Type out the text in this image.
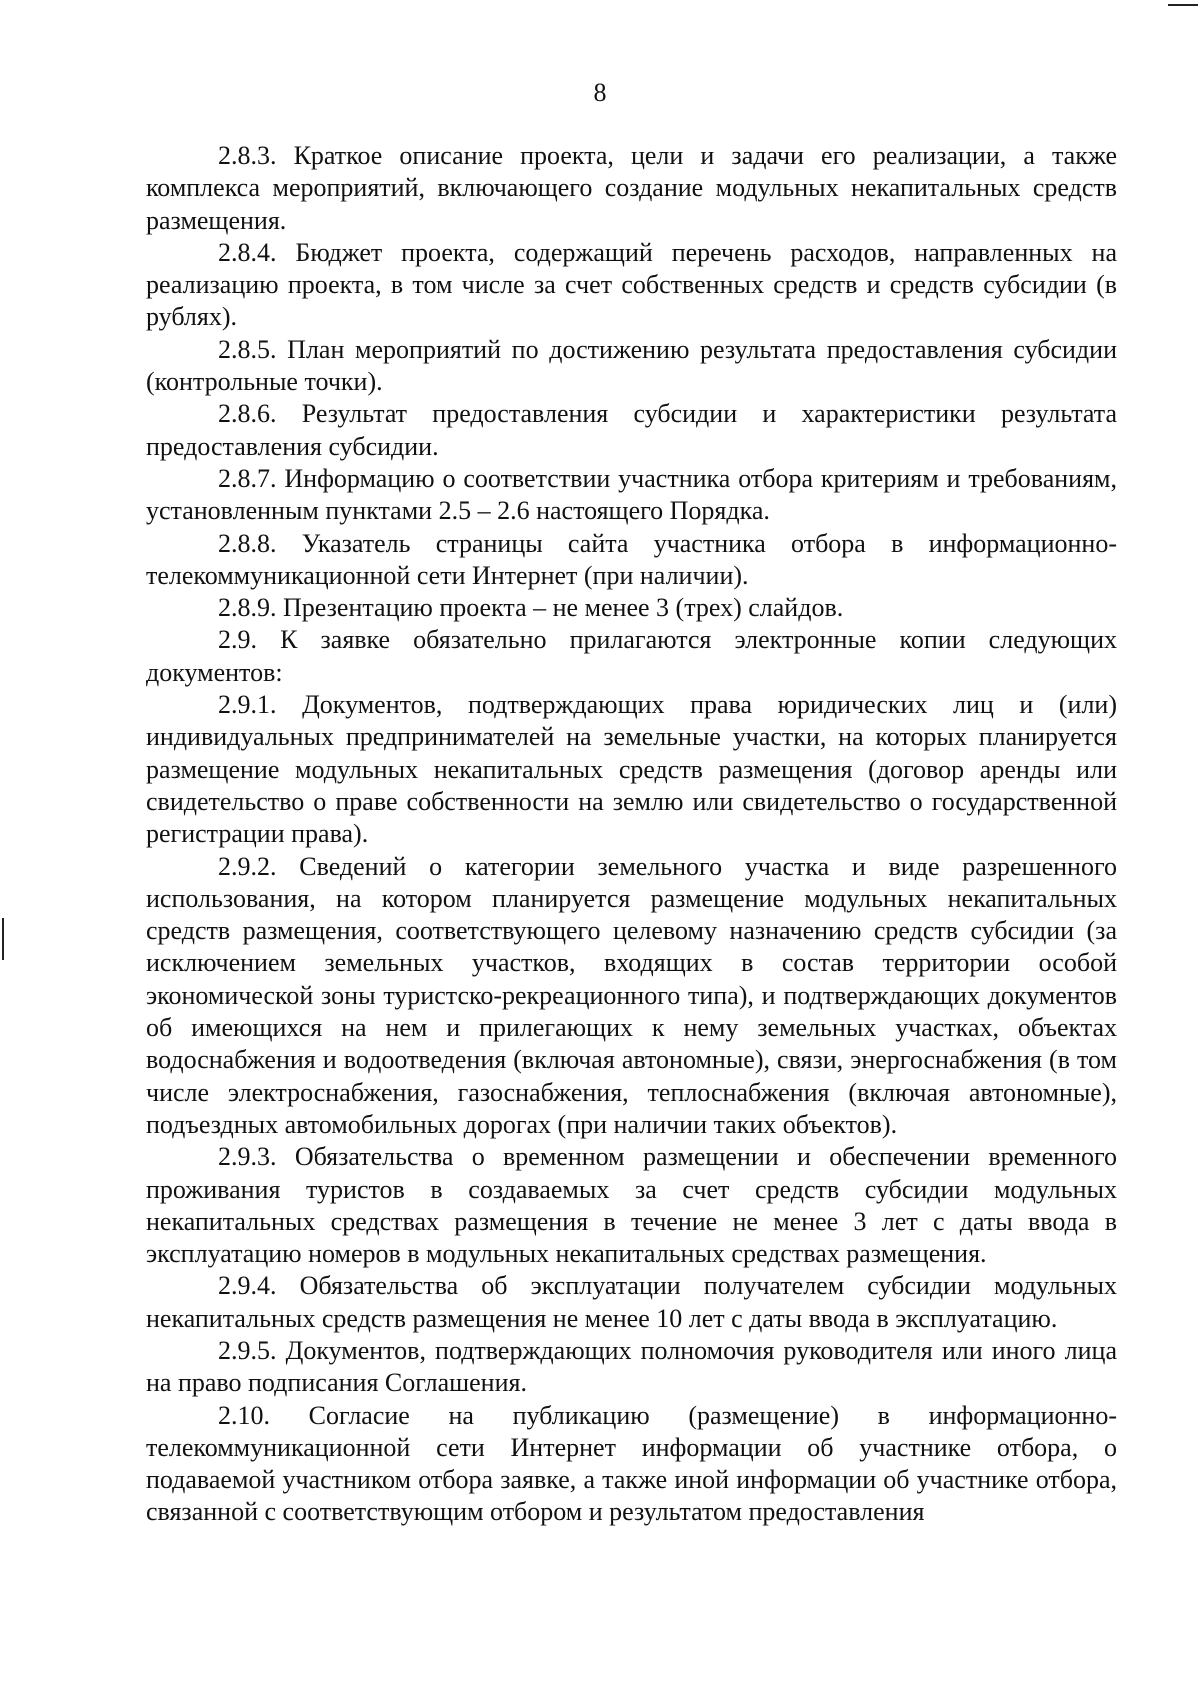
8

2.8.3. Краткое описание проекта, цели и задачи его реализации, а также комплекса мероприятий, включающего создание модульных некапитальных средств размещения.

2.8.4. Бюджет проекта, содержащий перечень расходов, направленных на реализацию проекта, в том числе за счет собственных средств и средств субсидии (в рублях).

2.8.5. План мероприятий по достижению результата предоставления субсидии (контрольные точки).

2.8.6. Результат предоставления субсидии и характеристики результата предоставления субсидии.

2.8.7. Информацию о соответствии участника отбора критериям и требованиям, установленным пунктами 2.5 – 2.6 настоящего Порядка.

2.8.8. Указатель страницы сайта участника отбора в информационно-телекоммуникационной сети Интернет (при наличии).

2.8.9. Презентацию проекта – не менее 3 (трех) слайдов.

2.9. К заявке обязательно прилагаются электронные копии следующих документов:

2.9.1. Документов, подтверждающих права юридических лиц и (или) индивидуальных предпринимателей на земельные участки, на которых планируется размещение модульных некапитальных средств размещения (договор аренды или свидетельство о праве собственности на землю или свидетельство о государственной регистрации права).

2.9.2. Сведений о категории земельного участка и виде разрешенного использования, на котором планируется размещение модульных некапитальных средств размещения, соответствующего целевому назначению средств субсидии (за исключением земельных участков, входящих в состав территории особой экономической зоны туристско-рекреационного типа), и подтверждающих документов об имеющихся на нем и прилегающих к нему земельных участках, объектах водоснабжения и водоотведения (включая автономные), связи, энергоснабжения (в том числе электроснабжения, газоснабжения, теплоснабжения (включая автономные), подъездных автомобильных дорогах (при наличии таких объектов).

2.9.3. Обязательства о временном размещении и обеспечении временного проживания туристов в создаваемых за счет средств субсидии модульных некапитальных средствах размещения в течение не менее 3 лет с даты ввода в эксплуатацию номеров в модульных некапитальных средствах размещения.

2.9.4. Обязательства об эксплуатации получателем субсидии модульных некапитальных средств размещения не менее 10 лет с даты ввода в эксплуатацию.

2.9.5. Документов, подтверждающих полномочия руководителя или иного лица на право подписания Соглашения.

2.10. Согласие на публикацию (размещение) в информационно-телекоммуникационной сети Интернет информации об участнике отбора, о подаваемой участником отбора заявке, а также иной информации об участнике отбора, связанной с соответствующим отбором и результатом предоставления
